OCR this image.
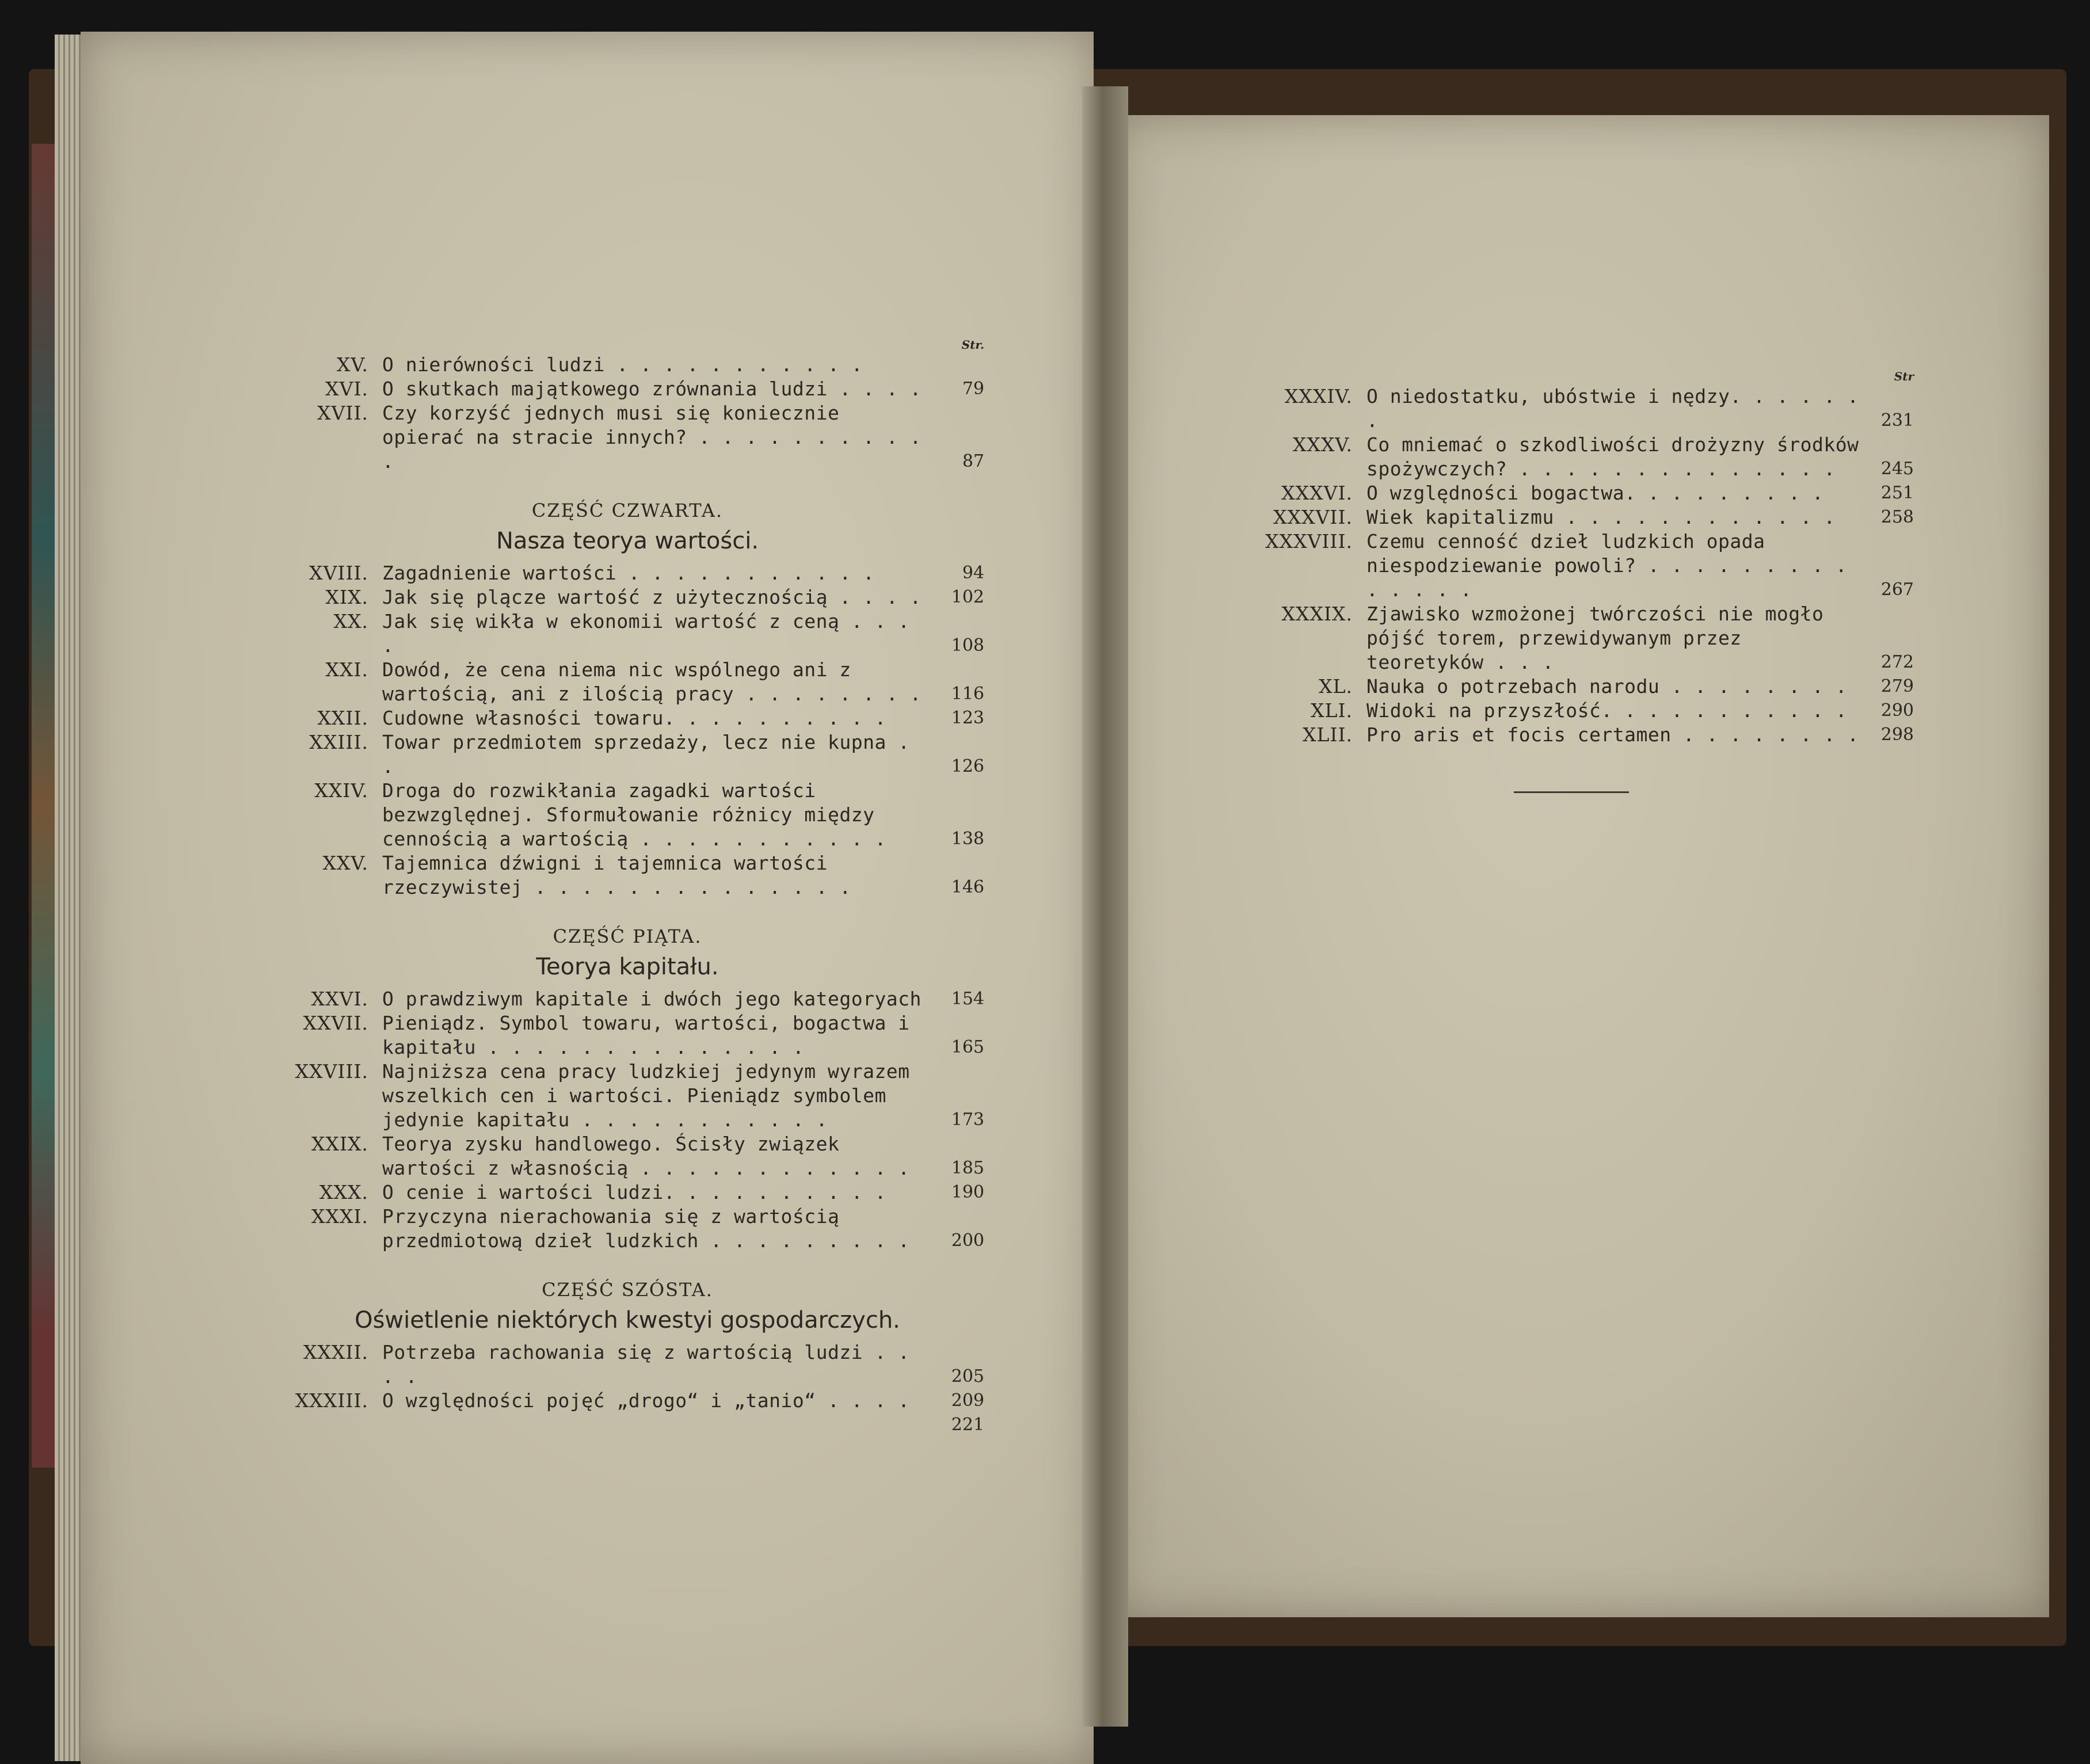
Str.
XV. O nierówności ludzi . . . . . . . . . . .
XVI. O skutkach majątkowego zrównania ludzi . . . .	79
XVII. Czy korzyść jednych musi się koniecznie opierać na stracie innych? . . . . . . . . . . .	87
CZĘŚĆ CZWARTA.
Nasza teorya wartości.
XVIII. Zagadnienie wartości . . . . . . . . . . .	94
XIX. Jak się plącze wartość z użytecznością . . . .	102
XX. Jak się wikła w ekonomii wartość z ceną . . . .	108
XXI. Dowód, że cena niema nic wspólnego ani z wartością, ani z ilością pracy . . . . . . . .	116
XXII. Cudowne własności towaru. . . . . . . . . .	123
XXIII. Towar przedmiotem sprzedaży, lecz nie kupna . .	126
XXIV. Droga do rozwikłania zagadki wartości bezwzględnej. Sformułowanie różnicy między cennością a wartością . . . . . . . . . . .	138
XXV. Tajemnica dźwigni i tajemnica wartości rzeczywistej . . . . . . . . . . . . . .	146
CZĘŚĆ PIĄTA.
Teorya kapitału.
XXVI. O prawdziwym kapitale i dwóch jego kategoryach	154
XXVII. Pieniądz. Symbol towaru, wartości, bogactwa i kapitału . . . . . . . . . . . . . .	165
XXVIII. Najniższa cena pracy ludzkiej jedynym wyrazem wszelkich cen i wartości. Pieniądz symbolem jedynie kapitału . . . . . . . . . . .	173
XXIX. Teorya zysku handlowego. Ścisły związek wartości z własnością . . . . . . . . . . . .	185
XXX. O cenie i wartości ludzi. . . . . . . . . .	190
XXXI. Przyczyna nierachowania się z wartością przedmiotową dzieł ludzkich . . . . . . . . .	200
CZĘŚĆ SZÓSTA.
Oświetlenie niektórych kwestyi gospodarczych.
XXXII. Potrzeba rachowania się z wartością ludzi . . . .	205
XXXIII. O względności pojęć „drogo“ i „tanio“ . . . .	209
221
Str
XXXIV. O niedostatku, ubóstwie i nędzy. . . . . . .	231
XXXV. Co mniemać o szkodliwości drożyzny środków spożywczych? . . . . . . . . . . . . . .	245
XXXVI. O względności bogactwa. . . . . . . . .	251
XXXVII. Wiek kapitalizmu . . . . . . . . . . . .	258
XXXVIII. Czemu cenność dzieł ludzkich opada niespodziewanie powoli? . . . . . . . . . . . . . .	267
XXXIX. Zjawisko wzmożonej twórczości nie mogło pójść torem, przewidywanym przez teoretyków . . .	272
XL. Nauka o potrzebach narodu . . . . . . . .	279
XLI. Widoki na przyszłość. . . . . . . . . . .	290
XLII. Pro aris et focis certamen . . . . . . . .	298
